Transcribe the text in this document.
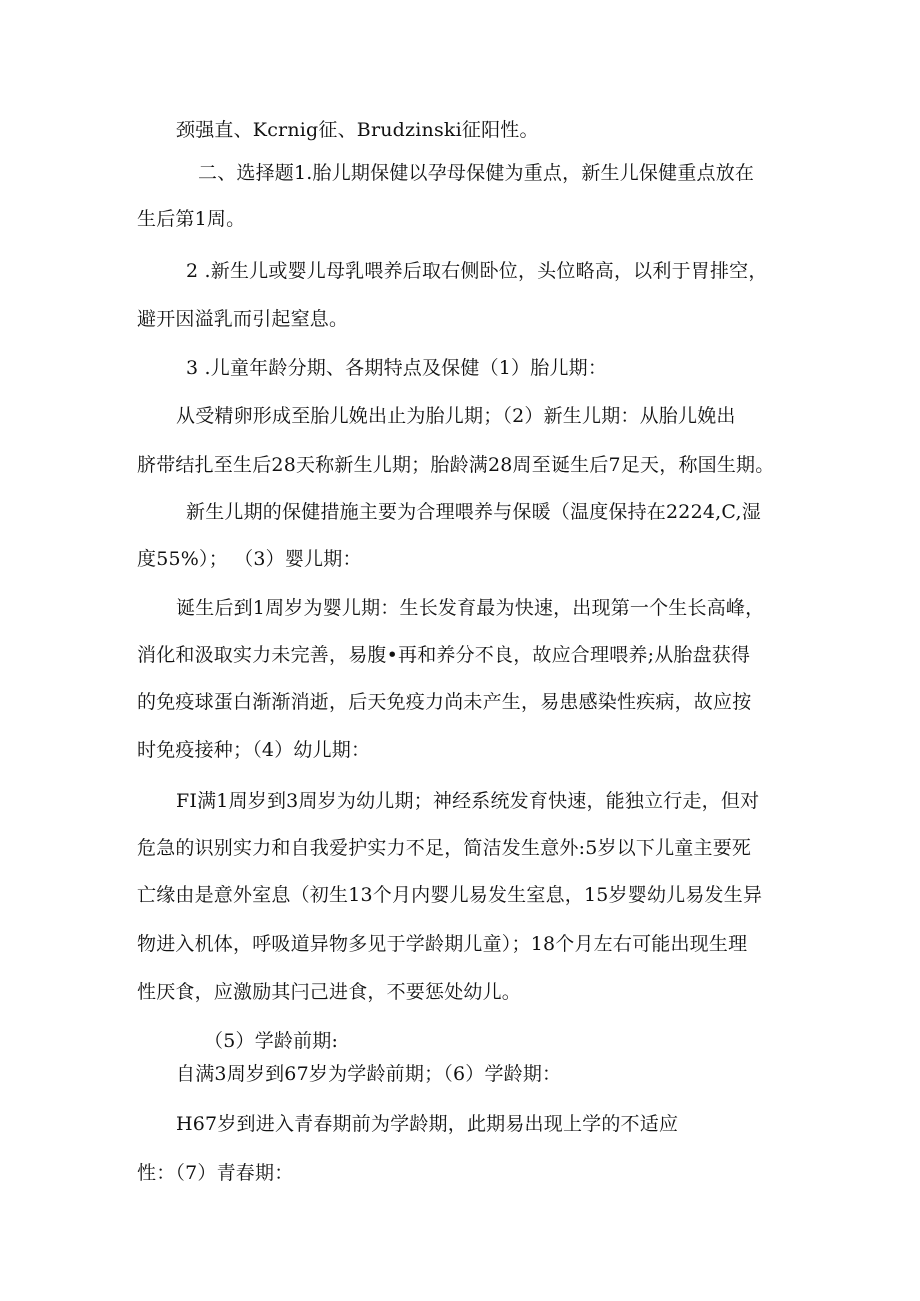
颈强直、Kcrnig征、Brudzinski征阳性。
二、选择题1.胎儿期保健以孕母保健为重点，新生儿保健重点放在
生后第1周。
2 .新生儿或婴儿母乳喂养后取右侧卧位，头位略高，以利于胃排空，
避开因溢乳而引起窒息。
3 .儿童年龄分期、各期特点及保健（1）胎儿期：
从受精卵形成至胎儿娩出止为胎儿期；（2）新生儿期：从胎儿娩出
脐带结扎至生后28天称新生儿期；胎龄满28周至诞生后7足天，称国生期。
新生儿期的保健措施主要为合理喂养与保暖（温度保持在2224,C,湿
度55%）； （3）婴儿期：
诞生后到1周岁为婴儿期：生长发育最为快速，出现第一个生长高峰，
消化和汲取实力未完善，易腹•再和养分不良，故应合理喂养;从胎盘获得
的免疫球蛋白渐渐消逝，后天免疫力尚未产生，易患感染性疾病，故应按
时免疫接种；（4）幼儿期：
FI满1周岁到3周岁为幼儿期；神经系统发育快速，能独立行走，但对
危急的识别实力和自我爱护实力不足，简洁发生意外:5岁以下儿童主要死
亡缘由是意外室息（初生13个月内婴儿易发生室息，15岁婴幼儿易发生异
物进入机体，呼吸道异物多见于学龄期儿童）；18个月左右可能出现生理
性厌食，应激励其闩己进食，不要惩处幼儿。
（5）学龄前期:
自满3周岁到67岁为学龄前期；（6）学龄期：
H67岁到进入青春期前为学龄期，此期易出现上学的不适应
性：（7）青春期：
